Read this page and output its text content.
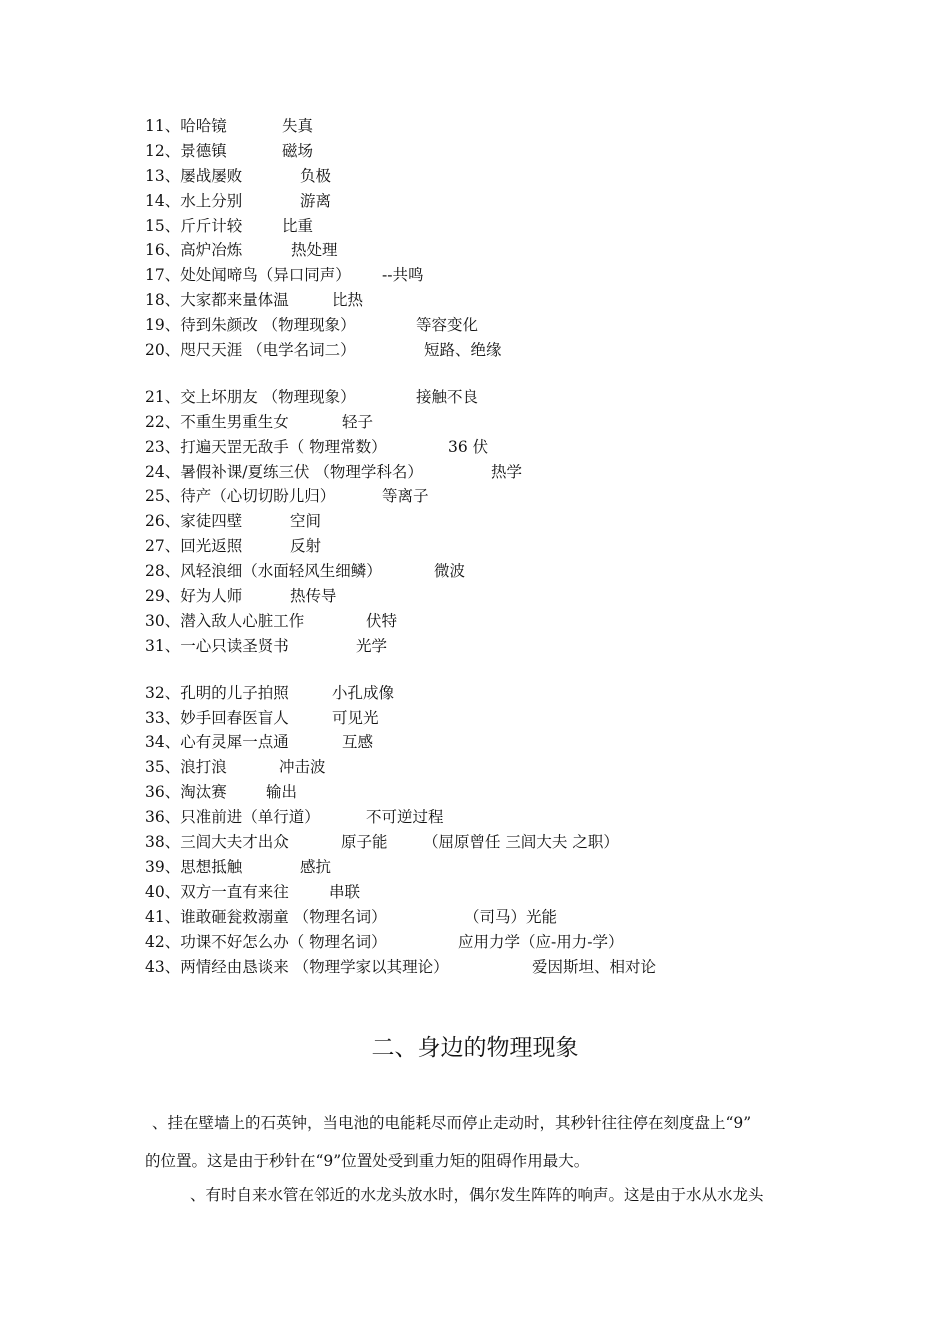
11、哈哈镜	失真
12、景德镇	磁场
13、屡战屡败	负极
14、水上分别	游离
15、斤斤计较	比重
16、高炉冶炼	热处理
17、处处闻啼鸟（异口同声） --共鸣
18、大家都来量体温	比热
19、待到朱颜改 （物理现象）	等容变化
20、咫尺天涯 （电学名词二）	短路、绝缘
21、交上坏朋友 （物理现象）	接触不良
22、不重生男重生女	轻子
23、打遍天罡无敌手（ 物理常数）	36 伏
24、暑假补课/夏练三伏 （物理学科名）	热学
25、待产（心切切盼儿归）	等离子
26、家徒四壁	空间
27、回光返照	反射
28、风轻浪细（水面轻风生细鳞）	微波
29、好为人师	热传导
30、潜入敌人心脏工作	伏特
31、一心只读圣贤书	光学
32、孔明的儿子拍照	小孔成像
33、妙手回春医盲人	可见光
34、心有灵犀一点通	互感
35、浪打浪	冲击波
36、淘汰赛	输出
36、只准前进（单行道）	不可逆过程
38、三闾大夫才出众	原子能 （屈原曾任 三闾大夫 之职）
39、思想抵触	感抗
40、双方一直有来往	串联
41、谁敢砸瓮救溺童 （物理名词）	（司马）光能
42、功课不好怎么办（ 物理名词）	应用力学（应-用力-学）
43、两情经由恳谈来 （物理学家以其理论）	爱因斯坦、相对论
二、身边的物理现象
、挂在壁墙上的石英钟，当电池的电能耗尽而停止走动时，其秒针往往停在刻度盘上“9”
的位置。这是由于秒针在“9”位置处受到重力矩的阻碍作用最大。
、有时自来水管在邻近的水龙头放水时，偶尔发生阵阵的响声。这是由于水从水龙头
